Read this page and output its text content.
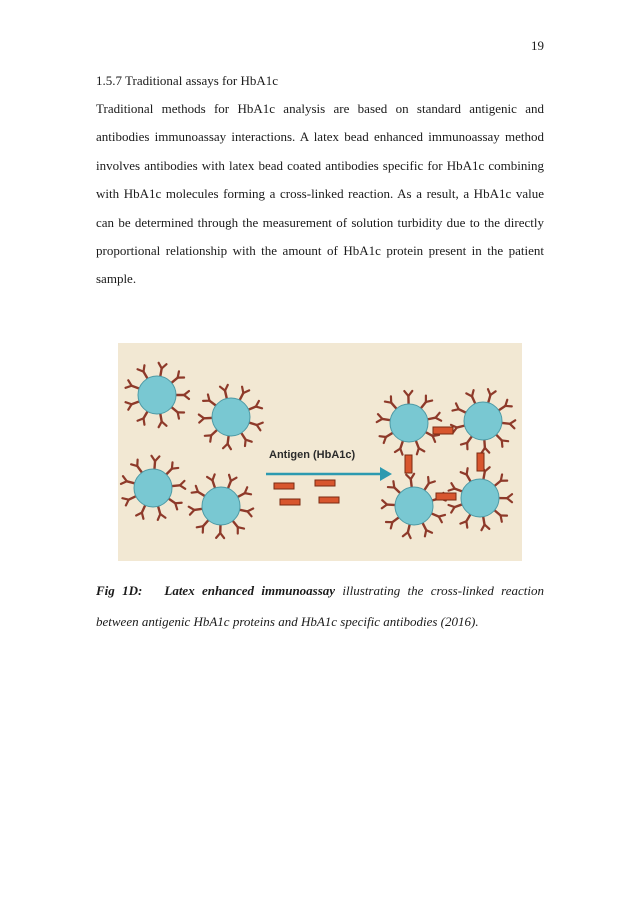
19
1.5.7 Traditional assays for HbA1c
Traditional methods for HbA1c analysis are based on standard antigenic and antibodies immunoassay interactions. A latex bead enhanced immunoassay method involves antibodies with latex bead coated antibodies specific for HbA1c combining with HbA1c molecules forming a cross-linked reaction. As a result, a HbA1c value can be determined through the measurement of solution turbidity due to the directly proportional relationship with the amount of HbA1c protein present in the patient sample.
Antigen (HbA1c)
Fig 1D: Latex enhanced immunoassay illustrating the cross-linked reaction between antigenic HbA1c proteins and HbA1c specific antibodies (2016).
